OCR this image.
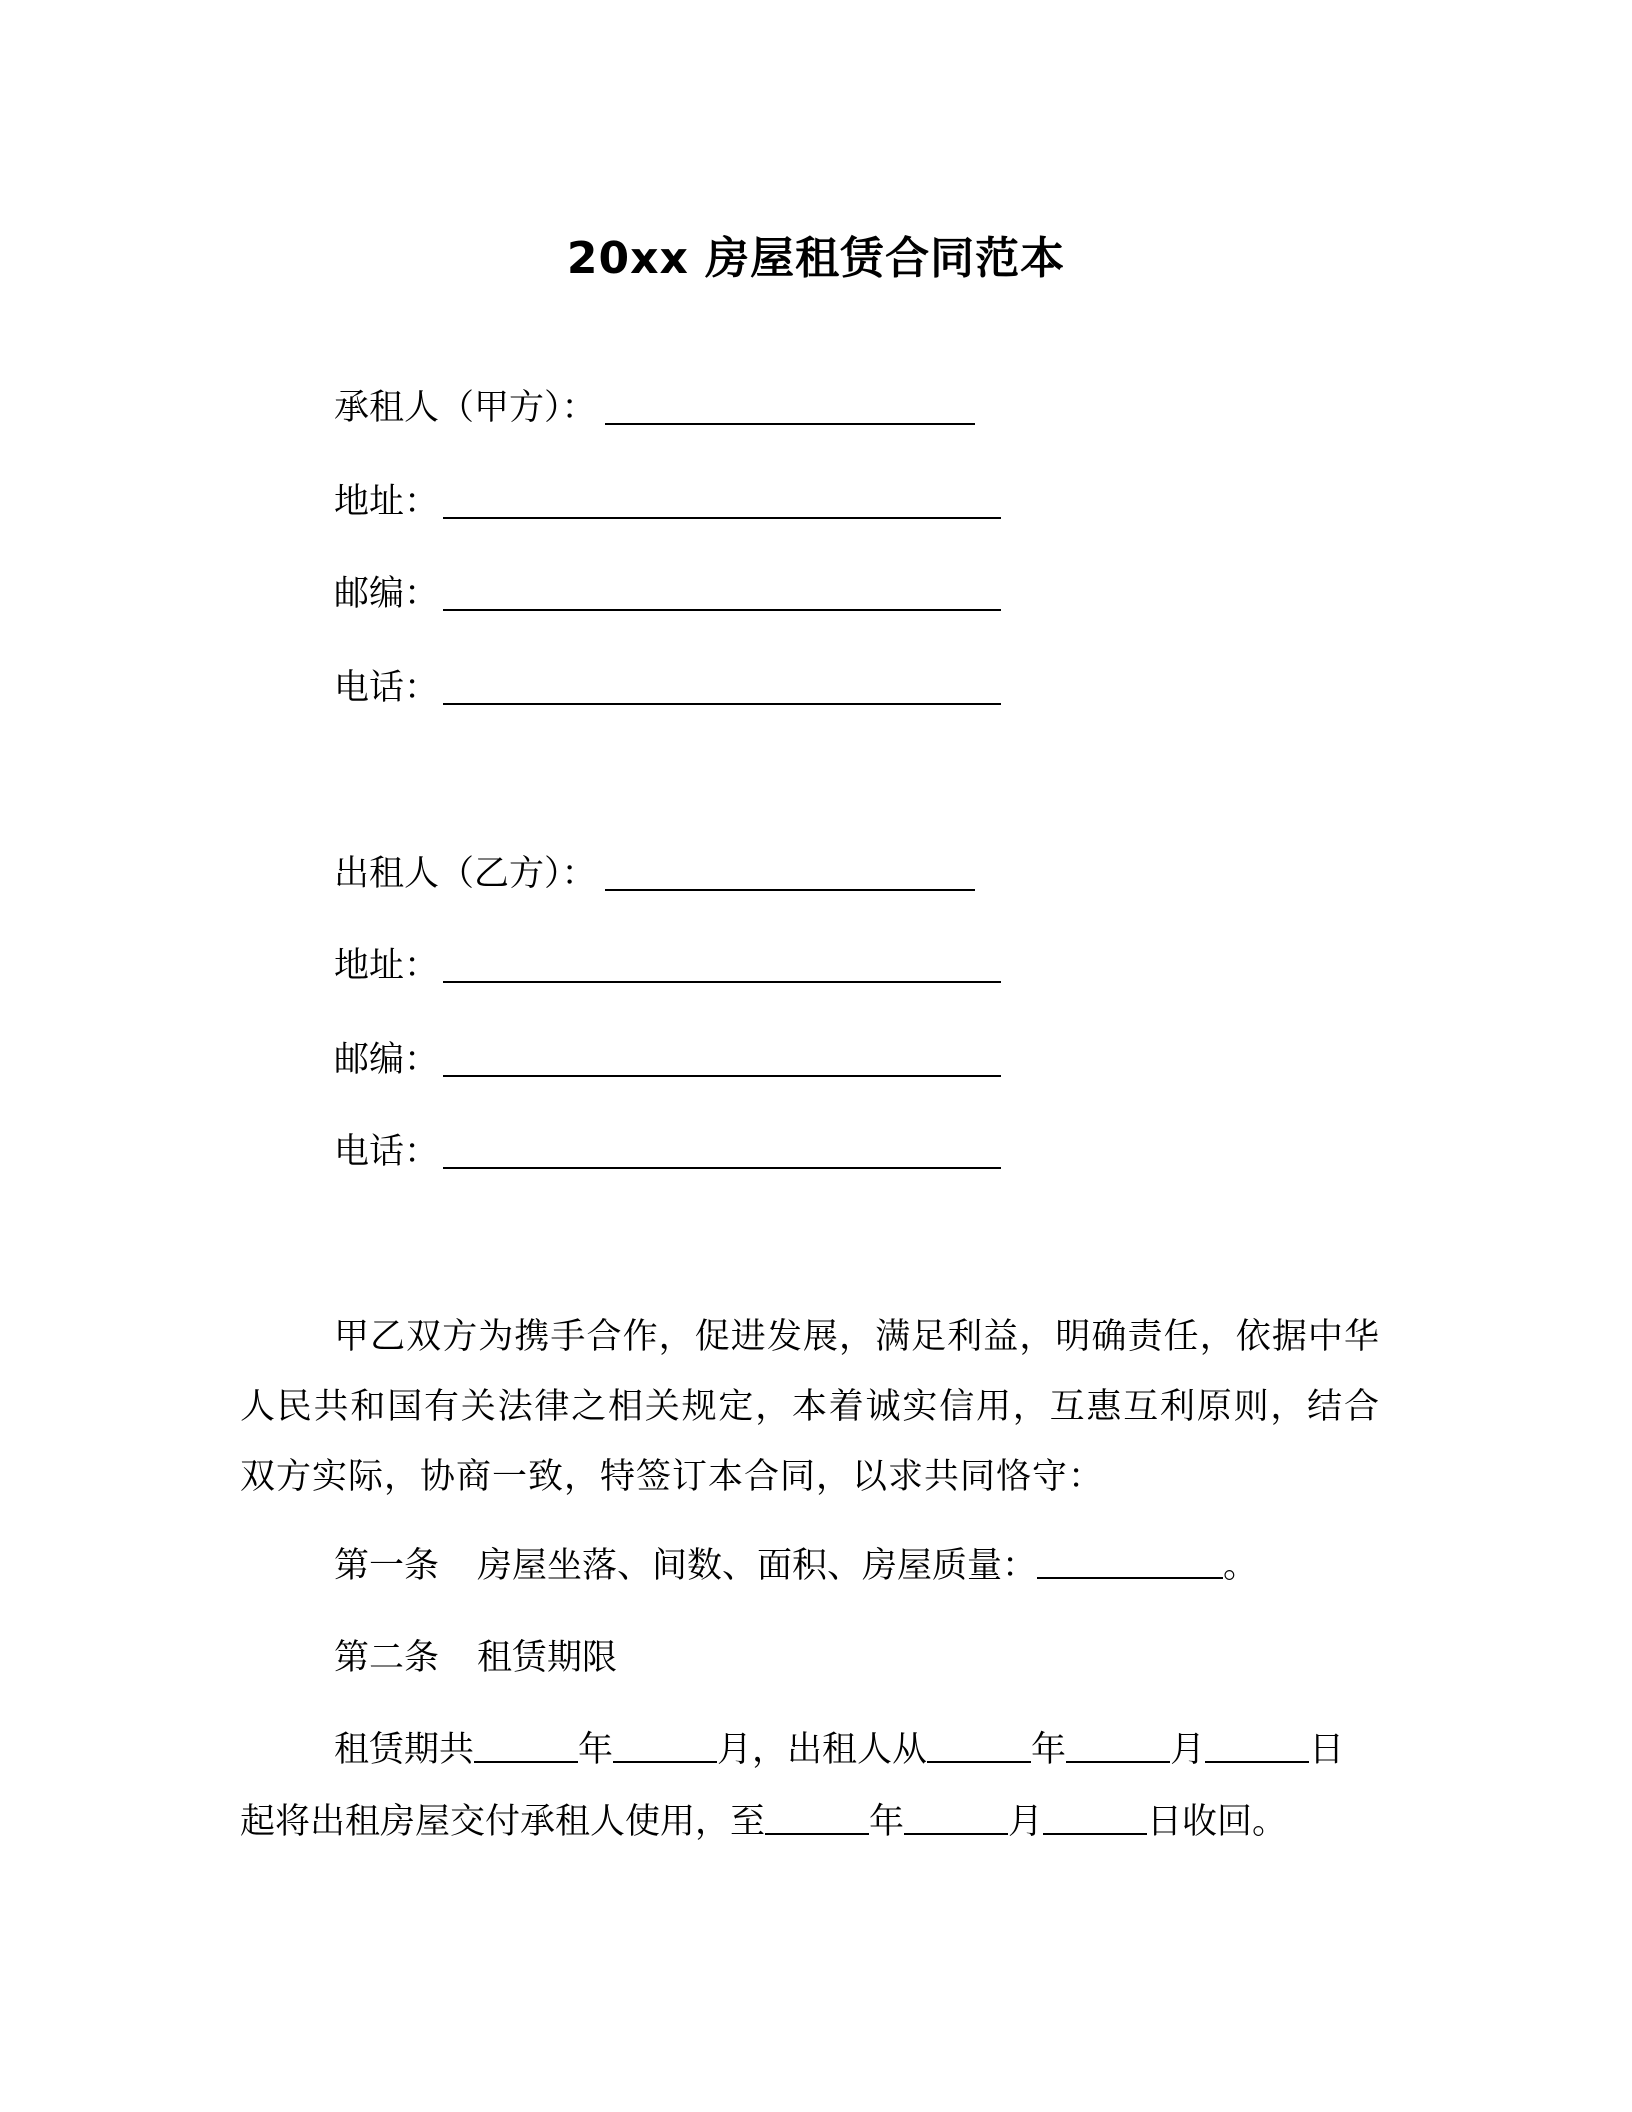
20xx 房屋租赁合同范本
承租人（甲方）：
地址：
邮编：
电话：
出租人（乙方）：
地址：
邮编：
电话：
甲乙双方为携手合作，促进发展，满足利益，明确责任，依据中华人民共和国有关法律之相关规定，本着诚实信用，互惠互利原则，结合双方实际，协商一致，特签订本合同，以求共同恪守：
第一条 房屋坐落、间数、面积、房屋质量：	。
第二条 租赁期限
租赁期共	年	月，出租人从	年	月	日
起将出租房屋交付承租人使用，至	年	月	日收回。
